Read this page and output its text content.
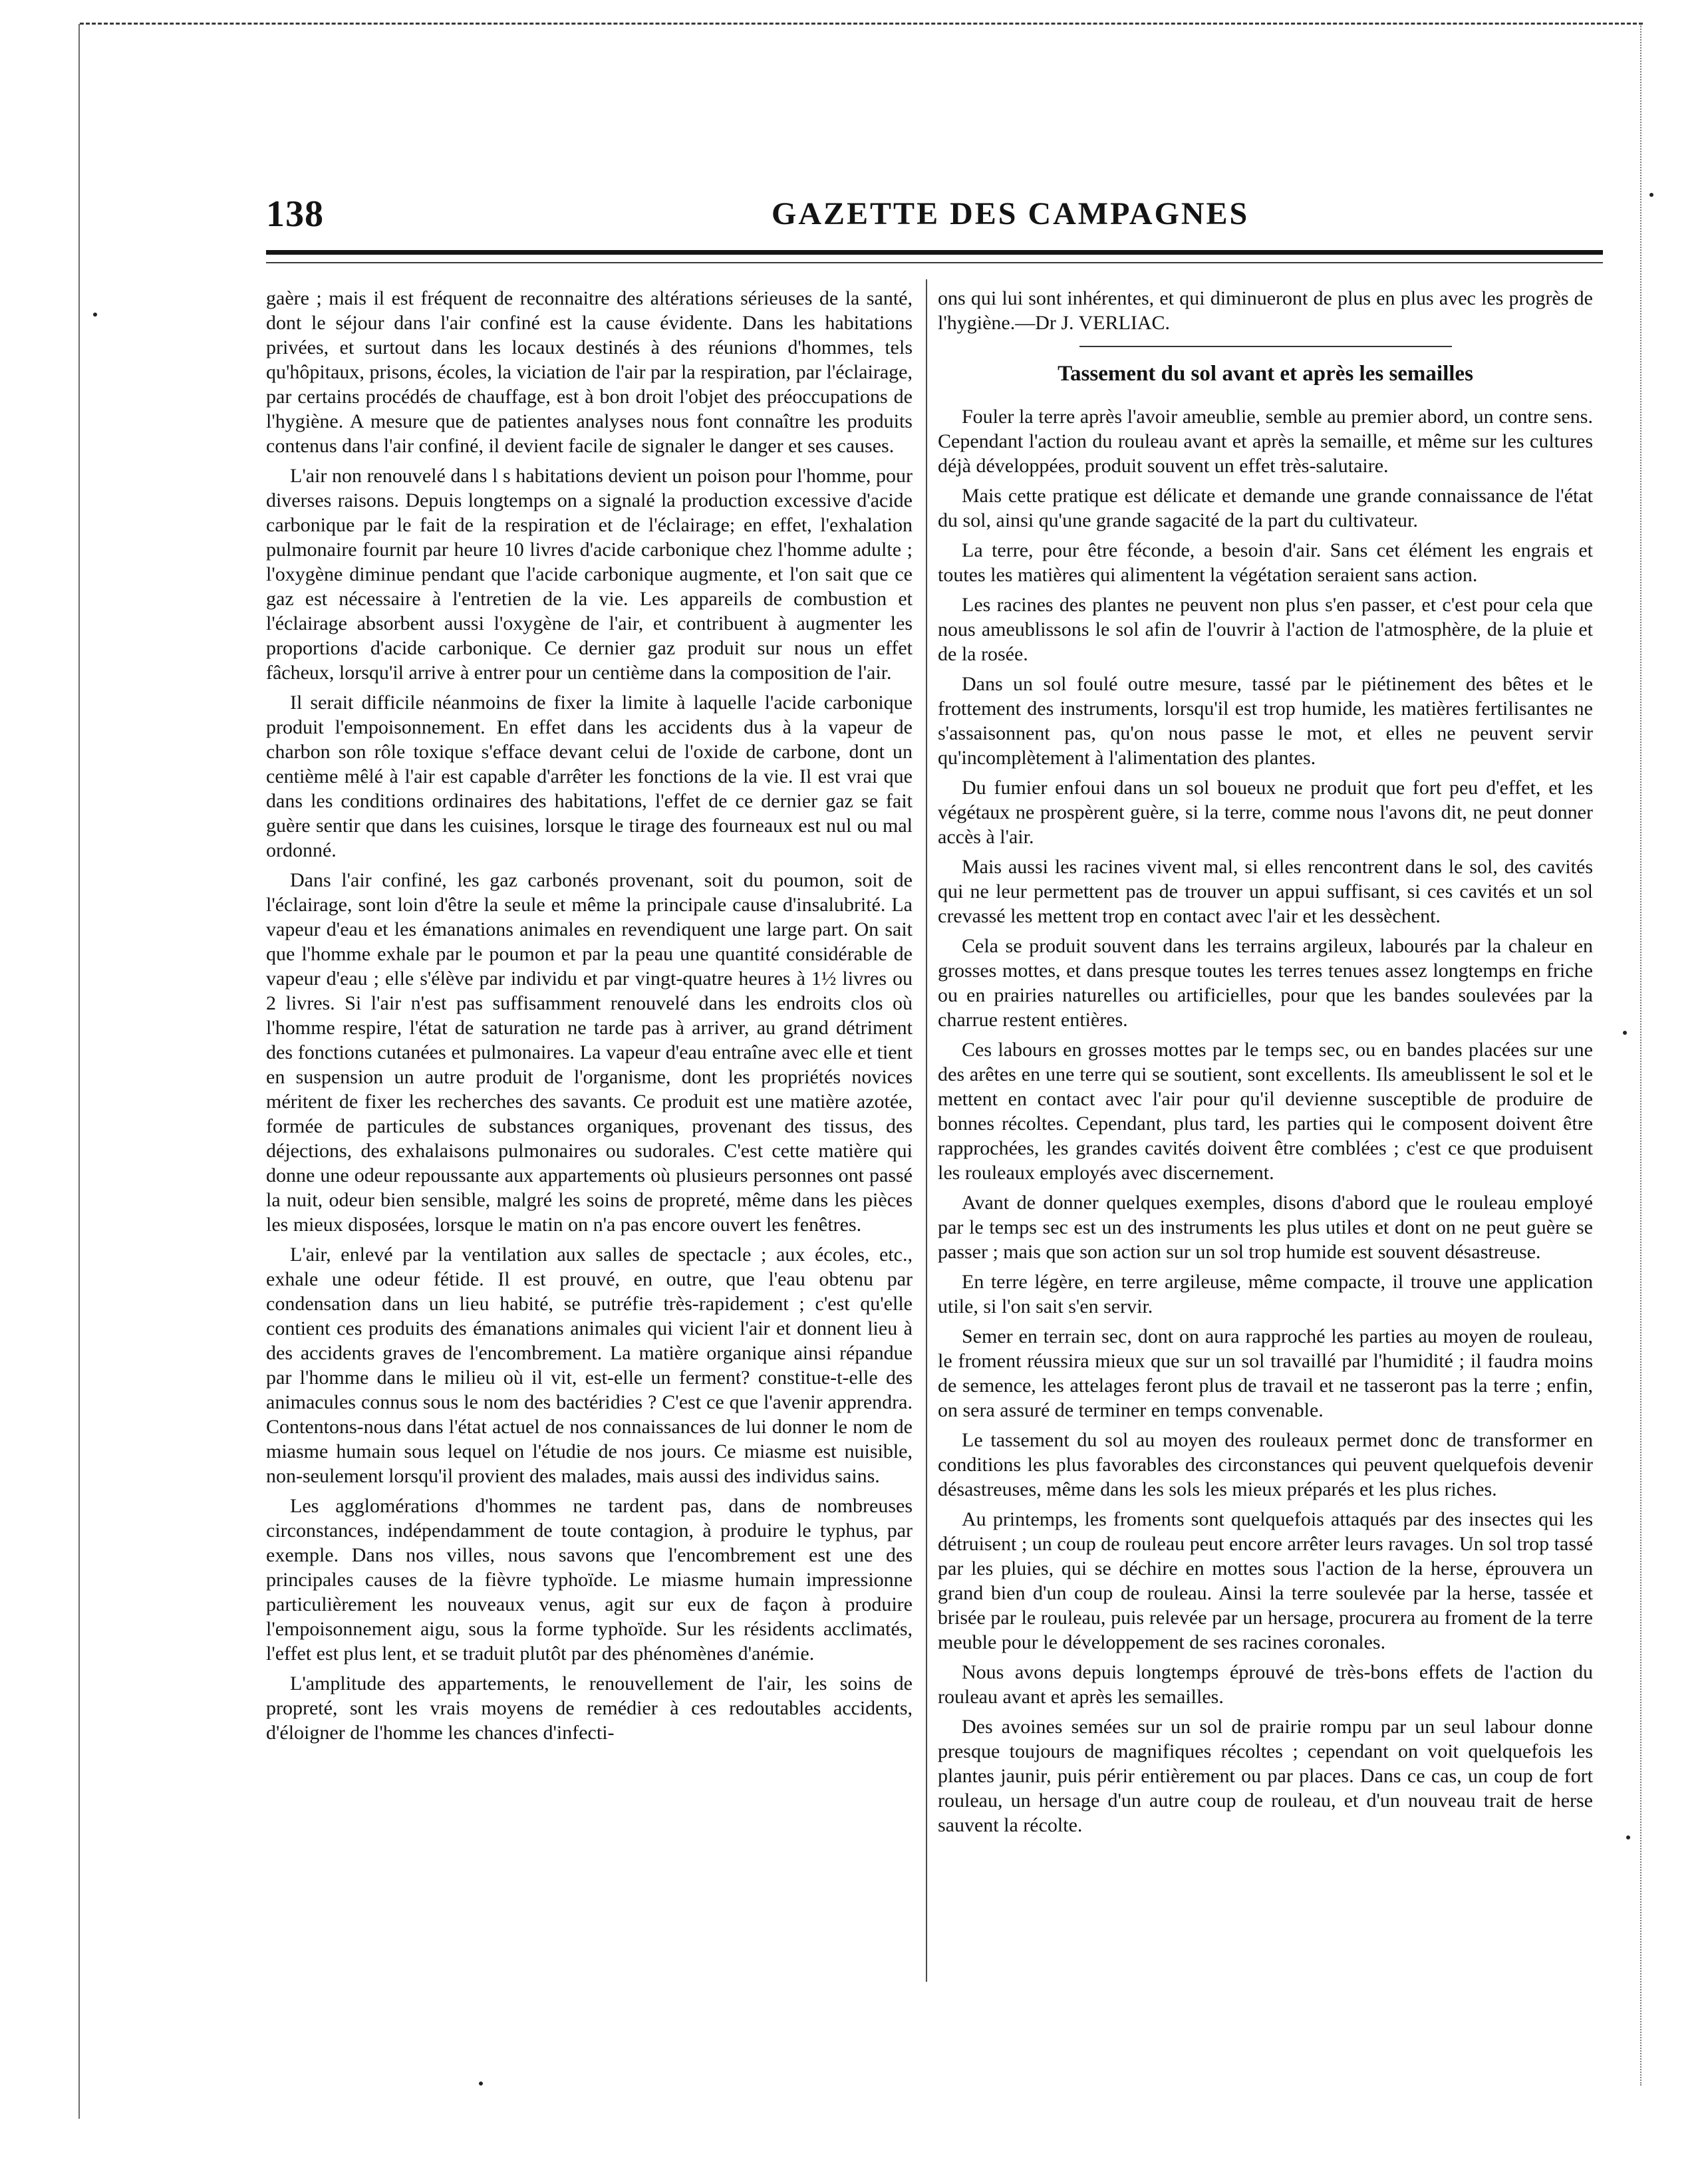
138	GAZETTE DES CAMPAGNES

gaère ; mais il est fréquent de reconnaitre des altérations sérieuses de la santé, dont le séjour dans l'air confiné est la cause évidente. Dans les habitations privées, et surtout dans les locaux destinés à des réunions d'hommes, tels qu'hôpitaux, prisons, écoles, la viciation de l'air par la respiration, par l'éclairage, par certains procédés de chauffage, est à bon droit l'objet des préoccupations de l'hygiène. A mesure que de patientes analyses nous font connaître les produits contenus dans l'air confiné, il devient facile de signaler le danger et ses causes.

L'air non renouvelé dans l s habitations devient un poison pour l'homme, pour diverses raisons. Depuis longtemps on a signalé la production excessive d'acide carbonique par le fait de la respiration et de l'éclairage; en effet, l'exhalation pulmonaire fournit par heure 10 livres d'acide carbonique chez l'homme adulte ; l'oxygène diminue pendant que l'acide carbonique augmente, et l'on sait que ce gaz est nécessaire à l'entretien de la vie. Les appareils de combustion et l'éclairage absorbent aussi l'oxygène de l'air, et contribuent à augmenter les proportions d'acide carbonique. Ce dernier gaz produit sur nous un effet fâcheux, lorsqu'il arrive à entrer pour un centième dans la composition de l'air.

Il serait difficile néanmoins de fixer la limite à laquelle l'acide carbonique produit l'empoisonnement. En effet dans les accidents dus à la vapeur de charbon son rôle toxique s'efface devant celui de l'oxide de carbone, dont un centième mêlé à l'air est capable d'arrêter les fonctions de la vie. Il est vrai que dans les conditions ordinaires des habitations, l'effet de ce dernier gaz se fait guère sentir que dans les cuisines, lorsque le tirage des fourneaux est nul ou mal ordonné.

Dans l'air confiné, les gaz carbonés provenant, soit du poumon, soit de l'éclairage, sont loin d'être la seule et même la principale cause d'insalubrité. La vapeur d'eau et les émanations animales en revendiquent une large part. On sait que l'homme exhale par le poumon et par la peau une quantité considérable de vapeur d'eau ; elle s'élève par individu et par vingt-quatre heures à 1½ livres ou 2 livres. Si l'air n'est pas suffisamment renouvelé dans les endroits clos où l'homme respire, l'état de saturation ne tarde pas à arriver, au grand détriment des fonctions cutanées et pulmonaires. La vapeur d'eau entraîne avec elle et tient en suspension un autre produit de l'organisme, dont les propriétés novices méritent de fixer les recherches des savants. Ce produit est une matière azotée, formée de particules de substances organiques, provenant des tissus, des déjections, des exhalaisons pulmonaires ou sudorales. C'est cette matière qui donne une odeur repoussante aux appartements où plusieurs personnes ont passé la nuit, odeur bien sensible, malgré les soins de propreté, même dans les pièces les mieux disposées, lorsque le matin on n'a pas encore ouvert les fenêtres.

L'air, enlevé par la ventilation aux salles de spectacle ; aux écoles, etc., exhale une odeur fétide. Il est prouvé, en outre, que l'eau obtenu par condensation dans un lieu habité, se putréfie très-rapidement ; c'est qu'elle contient ces produits des émanations animales qui vicient l'air et donnent lieu à des accidents graves de l'encombrement. La matière organique ainsi répandue par l'homme dans le milieu où il vit, est-elle un ferment? constitue-t-elle des animacules connus sous le nom des bactéridies ? C'est ce que l'avenir apprendra. Contentons-nous dans l'état actuel de nos connaissances de lui donner le nom de miasme humain sous lequel on l'étudie de nos jours. Ce miasme est nuisible, non-seulement lorsqu'il provient des malades, mais aussi des individus sains.

Les agglomérations d'hommes ne tardent pas, dans de nombreuses circonstances, indépendamment de toute contagion, à produire le typhus, par exemple. Dans nos villes, nous savons que l'encombrement est une des principales causes de la fièvre typhoïde. Le miasme humain impressionne particulièrement les nouveaux venus, agit sur eux de façon à produire l'empoisonnement aigu, sous la forme typhoïde. Sur les résidents acclimatés, l'effet est plus lent, et se traduit plutôt par des phénomènes d'anémie.

L'amplitude des appartements, le renouvellement de l'air, les soins de propreté, sont les vrais moyens de remédier à ces redoutables accidents, d'éloigner de l'homme les chances d'infecti-

ons qui lui sont inhérentes, et qui diminueront de plus en plus avec les progrès de l'hygiène.—Dr J. VERLIAC.

Tassement du sol avant et après les semailles

Fouler la terre après l'avoir ameublie, semble au premier abord, un contre sens. Cependant l'action du rouleau avant et après la semaille, et même sur les cultures déjà développées, produit souvent un effet très-salutaire.

Mais cette pratique est délicate et demande une grande connaissance de l'état du sol, ainsi qu'une grande sagacité de la part du cultivateur.

La terre, pour être féconde, a besoin d'air. Sans cet élément les engrais et toutes les matières qui alimentent la végétation seraient sans action.

Les racines des plantes ne peuvent non plus s'en passer, et c'est pour cela que nous ameublissons le sol afin de l'ouvrir à l'action de l'atmosphère, de la pluie et de la rosée.

Dans un sol foulé outre mesure, tassé par le piétinement des bêtes et le frottement des instruments, lorsqu'il est trop humide, les matières fertilisantes ne s'assaisonnent pas, qu'on nous passe le mot, et elles ne peuvent servir qu'incomplètement à l'alimentation des plantes.

Du fumier enfoui dans un sol boueux ne produit que fort peu d'effet, et les végétaux ne prospèrent guère, si la terre, comme nous l'avons dit, ne peut donner accès à l'air.

Mais aussi les racines vivent mal, si elles rencontrent dans le sol, des cavités qui ne leur permettent pas de trouver un appui suffisant, si ces cavités et un sol crevassé les mettent trop en contact avec l'air et les dessèchent.

Cela se produit souvent dans les terrains argileux, labourés par la chaleur en grosses mottes, et dans presque toutes les terres tenues assez longtemps en friche ou en prairies naturelles ou artificielles, pour que les bandes soulevées par la charrue restent entières.

Ces labours en grosses mottes par le temps sec, ou en bandes placées sur une des arêtes en une terre qui se soutient, sont excellents. Ils ameublissent le sol et le mettent en contact avec l'air pour qu'il devienne susceptible de produire de bonnes récoltes. Cependant, plus tard, les parties qui le composent doivent être rapprochées, les grandes cavités doivent être comblées ; c'est ce que produisent les rouleaux employés avec discernement.

Avant de donner quelques exemples, disons d'abord que le rouleau employé par le temps sec est un des instruments les plus utiles et dont on ne peut guère se passer ; mais que son action sur un sol trop humide est souvent désastreuse.

En terre légère, en terre argileuse, même compacte, il trouve une application utile, si l'on sait s'en servir.

Semer en terrain sec, dont on aura rapproché les parties au moyen de rouleau, le froment réussira mieux que sur un sol travaillé par l'humidité ; il faudra moins de semence, les attelages feront plus de travail et ne tasseront pas la terre ; enfin, on sera assuré de terminer en temps convenable.

Le tassement du sol au moyen des rouleaux permet donc de transformer en conditions les plus favorables des circonstances qui peuvent quelquefois devenir désastreuses, même dans les sols les mieux préparés et les plus riches.

Au printemps, les froments sont quelquefois attaqués par des insectes qui les détruisent ; un coup de rouleau peut encore arrêter leurs ravages. Un sol trop tassé par les pluies, qui se déchire en mottes sous l'action de la herse, éprouvera un grand bien d'un coup de rouleau. Ainsi la terre soulevée par la herse, tassée et brisée par le rouleau, puis relevée par un hersage, procurera au froment de la terre meuble pour le développement de ses racines coronales.

Nous avons depuis longtemps éprouvé de très-bons effets de l'action du rouleau avant et après les semailles.

Des avoines semées sur un sol de prairie rompu par un seul labour donne presque toujours de magnifiques récoltes ; cependant on voit quelquefois les plantes jaunir, puis périr entièrement ou par places. Dans ce cas, un coup de fort rouleau, un hersage d'un autre coup de rouleau, et d'un nouveau trait de herse sauvent la récolte.
